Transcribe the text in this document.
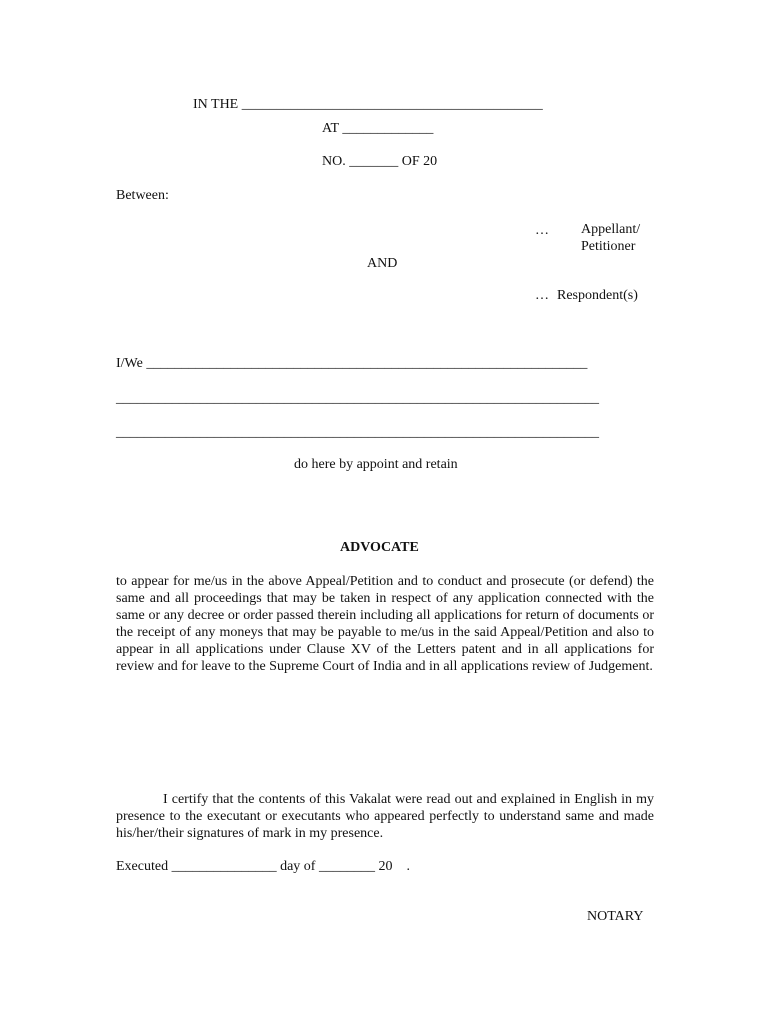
IN THE ___________________________________________
AT _____________
NO. _______ OF 20
Between:
… Appellant/
Petitioner
AND
… Respondent(s)
I/We _______________________________________________________________
_____________________________________________________________________
_____________________________________________________________________
do here by appoint and retain
ADVOCATE
to appear for me/us in the above Appeal/Petition and to conduct and prosecute (or defend) the same and all proceedings that may be taken in respect of any application connected with the same or any decree or order passed therein including all applications for return of documents or the receipt of any moneys that may be payable to me/us in the said Appeal/Petition and also to appear in all applications under Clause XV of the Letters patent and in all applications for review and for leave to the Supreme Court of India and in all applications review of Judgement.
I certify that the contents of this Vakalat were read out and explained in English in my presence to the executant or executants who appeared perfectly to understand same and made his/her/their signatures of mark in my presence.
Executed _______________ day of ________ 20    .
NOTARY
